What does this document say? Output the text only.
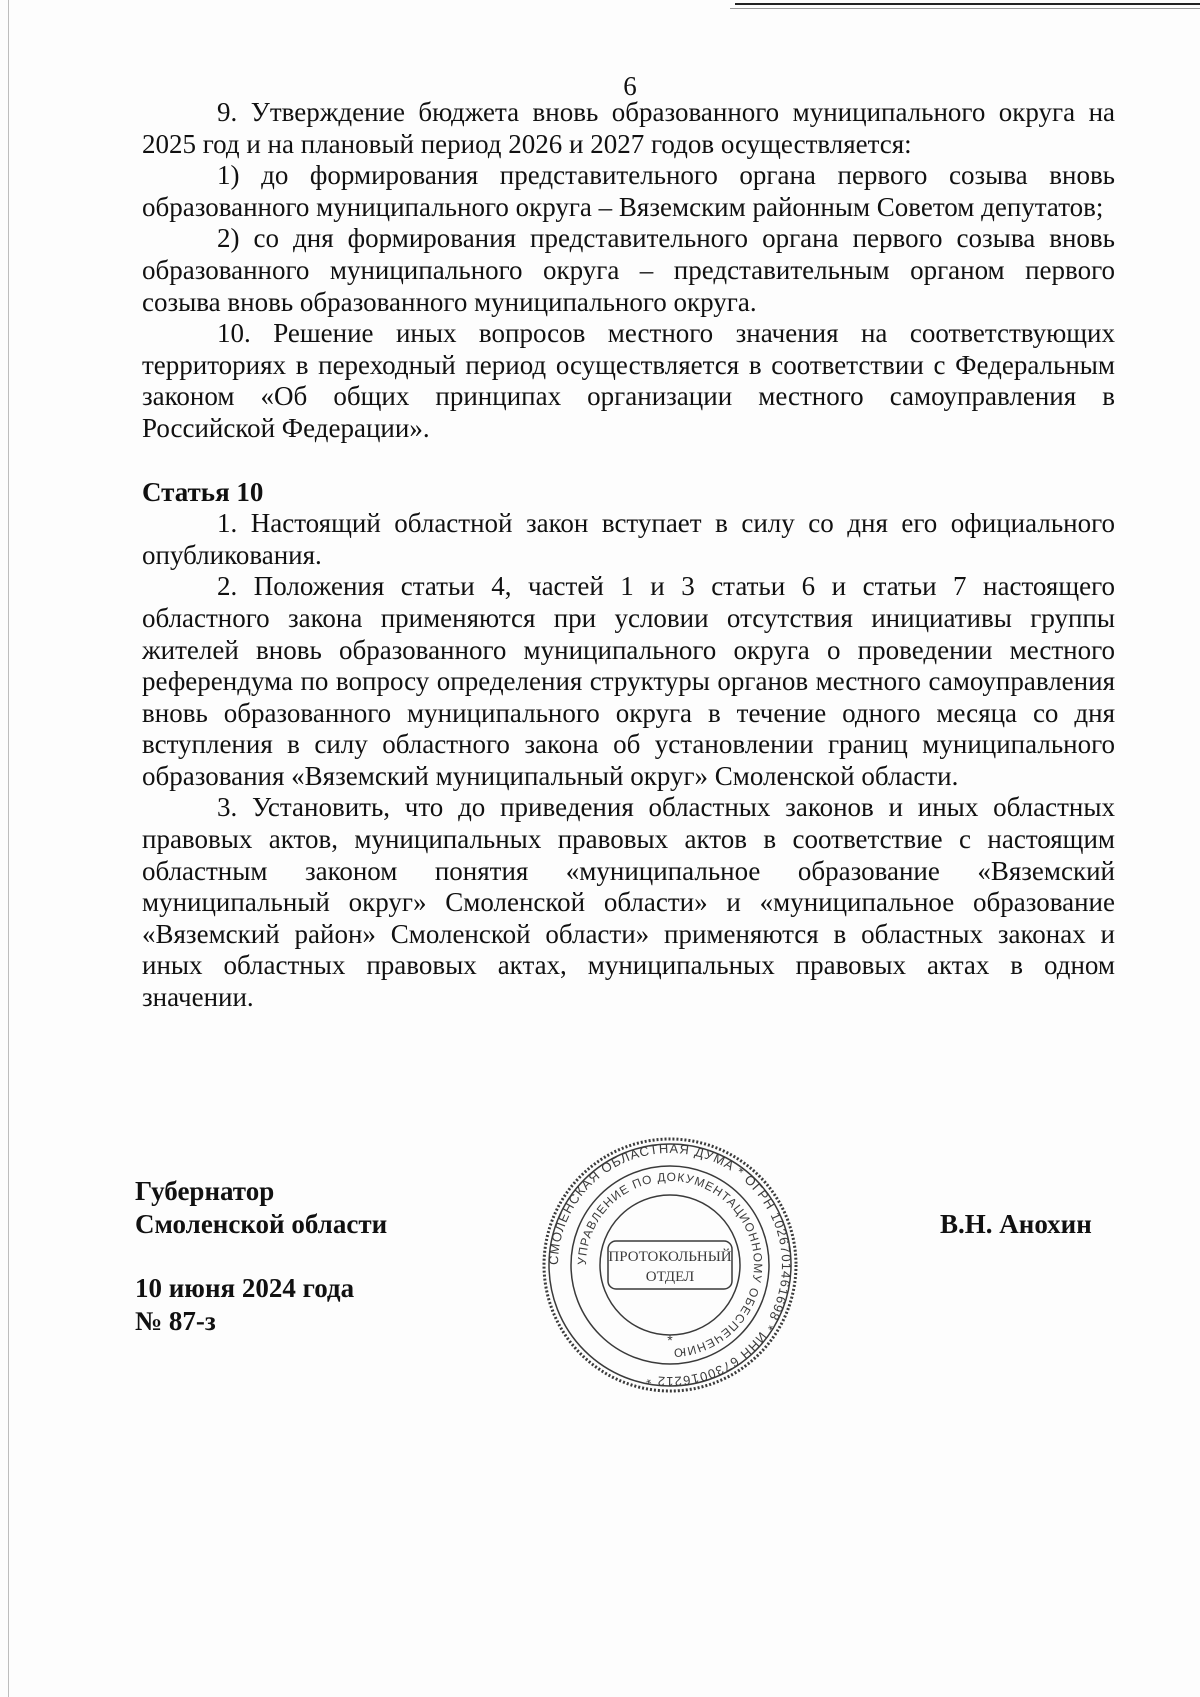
6

9. Утверждение бюджета вновь образованного муниципального округа на 2025 год и на плановый период 2026 и 2027 годов осуществляется:

1) до формирования представительного органа первого созыва вновь образованного муниципального округа – Вяземским районным Советом депутатов;

2) со дня формирования представительного органа первого созыва вновь образованного муниципального округа – представительным органом первого созыва вновь образованного муниципального округа.

10. Решение иных вопросов местного значения на соответствующих территориях в переходный период осуществляется в соответствии с Федеральным законом «Об общих принципах организации местного самоуправления в Российской Федерации».

Статья 10

1. Настоящий областной закон вступает в силу со дня его официального опубликования.

2. Положения статьи 4, частей 1 и 3 статьи 6 и статьи 7 настоящего областного закона применяются при условии отсутствия инициативы группы жителей вновь образованного муниципального округа о проведении местного референдума по вопросу определения структуры органов местного самоуправления вновь образованного муниципального округа в течение одного месяца со дня вступления в силу областного закона об установлении границ муниципального образования «Вяземский муниципальный округ» Смоленской области.

3. Установить, что до приведения областных законов и иных областных правовых актов, муниципальных правовых актов в соответствие с настоящим областным законом понятия «муниципальное образование «Вяземский муниципальный округ» Смоленской области» и «муниципальное образование «Вяземский район» Смоленской области» применяются в областных законах и иных областных правовых актах, муниципальных правовых актах в одном значении.

Губернатор
Смоленской области
10 июня 2024 года
№ 87-з
В.Н. Анохин
СМОЛЕНСКАЯ ОБЛАСТНАЯ ДУМА * ОГРН 1026701461698 * ИНН 6730016212 *
УПРАВЛЕНИЕ ПО ДОКУМЕНТАЦИОННОМУ ОБЕСПЕЧЕНИЮ
ПРОТОКОЛЬНЫЙ
ОТДЕЛ
*
